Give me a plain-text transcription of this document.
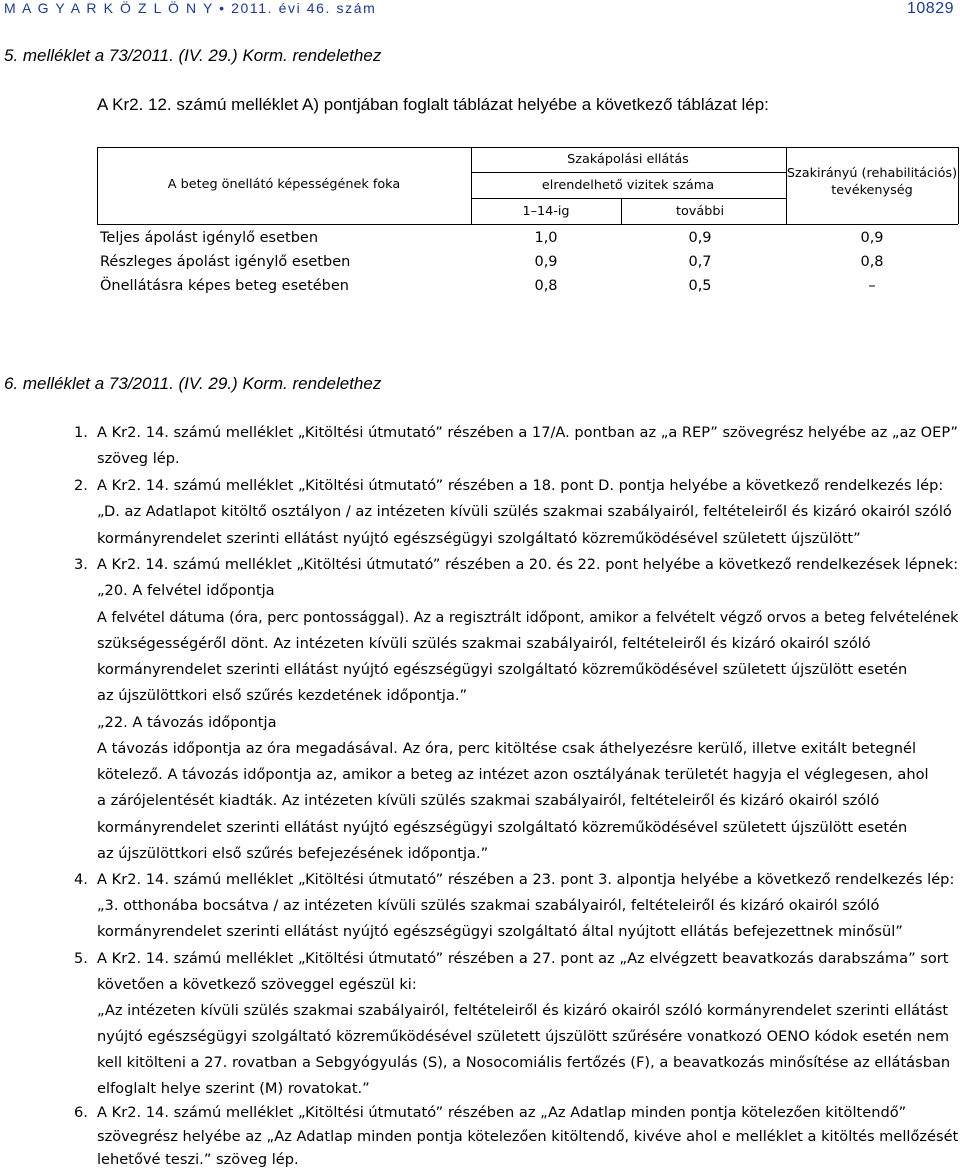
M A G Y A R K Ö Z L Ö N Y • 2011. évi 46. szám	10829
5. melléklet a 73/2011. (IV. 29.) Korm. rendelethez
A Kr2. 12. számú melléklet A) pontjában foglalt táblázat helyébe a következő táblázat lép:
A beteg önellátó képességének foka
Szakápolási ellátás
elrendelhető vizitek száma
1–14-ig	további
Szakirányú (rehabilitációs)
tevékenység
Teljes ápolást igénylő esetben	1,0	0,9	0,9
Részleges ápolást igénylő esetben	0,9	0,7	0,8
Önellátásra képes beteg esetében	0,8	0,5	–
6. melléklet a 73/2011. (IV. 29.) Korm. rendelethez
1. A Kr2. 14. számú melléklet „Kitöltési útmutató” részében a 17/A. pontban az „a REP” szövegrész helyébe az „az OEP”
szöveg lép.
2. A Kr2. 14. számú melléklet „Kitöltési útmutató” részében a 18. pont D. pontja helyébe a következő rendelkezés lép:
„D. az Adatlapot kitöltő osztályon / az intézeten kívüli szülés szakmai szabályairól, feltételeiről és kizáró okairól szóló
kormányrendelet szerinti ellátást nyújtó egészségügyi szolgáltató közreműködésével született újszülött”
3. A Kr2. 14. számú melléklet „Kitöltési útmutató” részében a 20. és 22. pont helyébe a következő rendelkezések lépnek:
„20. A felvétel időpontja
A felvétel dátuma (óra, perc pontossággal). Az a regisztrált időpont, amikor a felvételt végző orvos a beteg felvételének
szükségességéről dönt. Az intézeten kívüli szülés szakmai szabályairól, feltételeiről és kizáró okairól szóló
kormányrendelet szerinti ellátást nyújtó egészségügyi szolgáltató közreműködésével született újszülött esetén
az újszülöttkori első szűrés kezdetének időpontja.”
„22. A távozás időpontja
A távozás időpontja az óra megadásával. Az óra, perc kitöltése csak áthelyezésre kerülő, illetve exitált betegnél
kötelező. A távozás időpontja az, amikor a beteg az intézet azon osztályának területét hagyja el véglegesen, ahol
a zárójelentését kiadták. Az intézeten kívüli szülés szakmai szabályairól, feltételeiről és kizáró okairól szóló
kormányrendelet szerinti ellátást nyújtó egészségügyi szolgáltató közreműködésével született újszülött esetén
az újszülöttkori első szűrés befejezésének időpontja.”
4. A Kr2. 14. számú melléklet „Kitöltési útmutató” részében a 23. pont 3. alpontja helyébe a következő rendelkezés lép:
„3. otthonába bocsátva / az intézeten kívüli szülés szakmai szabályairól, feltételeiről és kizáró okairól szóló
kormányrendelet szerinti ellátást nyújtó egészségügyi szolgáltató által nyújtott ellátás befejezettnek minősül”
5. A Kr2. 14. számú melléklet „Kitöltési útmutató” részében a 27. pont az „Az elvégzett beavatkozás darabszáma” sort
követően a következő szöveggel egészül ki:
„Az intézeten kívüli szülés szakmai szabályairól, feltételeiről és kizáró okairól szóló kormányrendelet szerinti ellátást
nyújtó egészségügyi szolgáltató közreműködésével született újszülött szűrésére vonatkozó OENO kódok esetén nem
kell kitölteni a 27. rovatban a Sebgyógyulás (S), a Nosocomiális fertőzés (F), a beavatkozás minősítése az ellátásban
elfoglalt helye szerint (M) rovatokat.”
6. A Kr2. 14. számú melléklet „Kitöltési útmutató” részében az „Az Adatlap minden pontja kötelezően kitöltendő”
szövegrész helyébe az „Az Adatlap minden pontja kötelezően kitöltendő, kivéve ahol e melléklet a kitöltés mellőzését
lehetővé teszi.” szöveg lép.
